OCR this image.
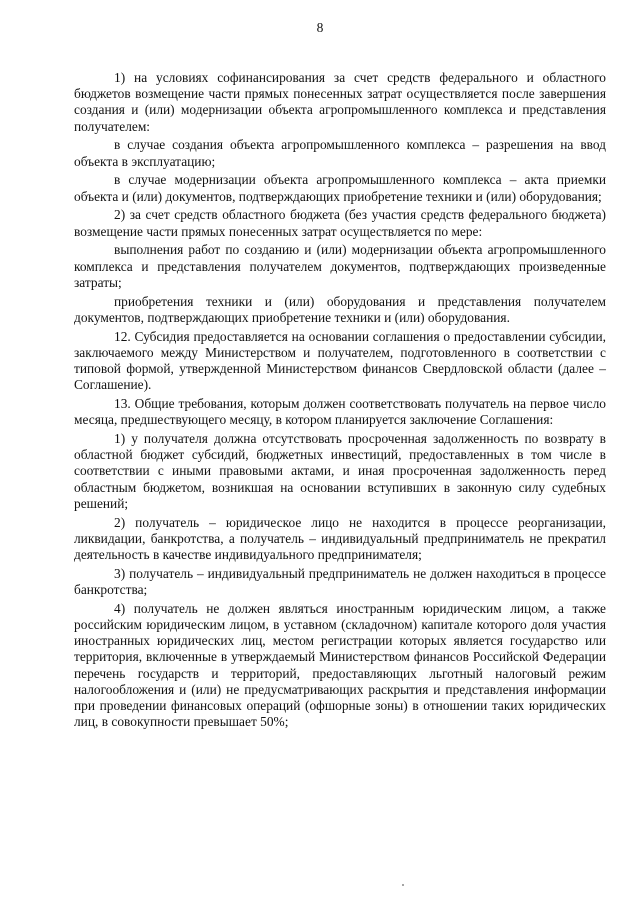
8

1) на условиях софинансирования за счет средств федерального и областного бюджетов возмещение части прямых понесенных затрат осуществляется после завершения создания и (или) модернизации объекта агропромышленного комплекса и представления получателем:

в случае создания объекта агропромышленного комплекса – разрешения на ввод объекта в эксплуатацию;

в случае модернизации объекта агропромышленного комплекса – акта приемки объекта и (или) документов, подтверждающих приобретение техники и (или) оборудования;

2) за счет средств областного бюджета (без участия средств федерального бюджета) возмещение части прямых понесенных затрат осуществляется по мере:

выполнения работ по созданию и (или) модернизации объекта агропромышленного комплекса и представления получателем документов, подтверждающих произведенные затраты;

приобретения техники и (или) оборудования и представления получателем документов, подтверждающих приобретение техники и (или) оборудования.

12. Субсидия предоставляется на основании соглашения о предоставлении субсидии, заключаемого между Министерством и получателем, подготовленного в соответствии с типовой формой, утвержденной Министерством финансов Свердловской области (далее – Соглашение).

13. Общие требования, которым должен соответствовать получатель на первое число месяца, предшествующего месяцу, в котором планируется заключение Соглашения:

1) у получателя должна отсутствовать просроченная задолженность по возврату в областной бюджет субсидий, бюджетных инвестиций, предоставленных в том числе в соответствии с иными правовыми актами, и иная просроченная задолженность перед областным бюджетом, возникшая на основании вступивших в законную силу судебных решений;

2) получатель – юридическое лицо не находится в процессе реорганизации, ликвидации, банкротства, а получатель – индивидуальный предприниматель не прекратил деятельность в качестве индивидуального предпринимателя;

3) получатель – индивидуальный предприниматель не должен находиться в процессе банкротства;

4) получатель не должен являться иностранным юридическим лицом, а также российским юридическим лицом, в уставном (складочном) капитале которого доля участия иностранных юридических лиц, местом регистрации которых является государство или территория, включенные в утверждаемый Министерством финансов Российской Федерации перечень государств и территорий, предоставляющих льготный налоговый режим налогообложения и (или) не предусматривающих раскрытия и представления информации при проведении финансовых операций (офшорные зоны) в отношении таких юридических лиц, в совокупности превышает 50%;
